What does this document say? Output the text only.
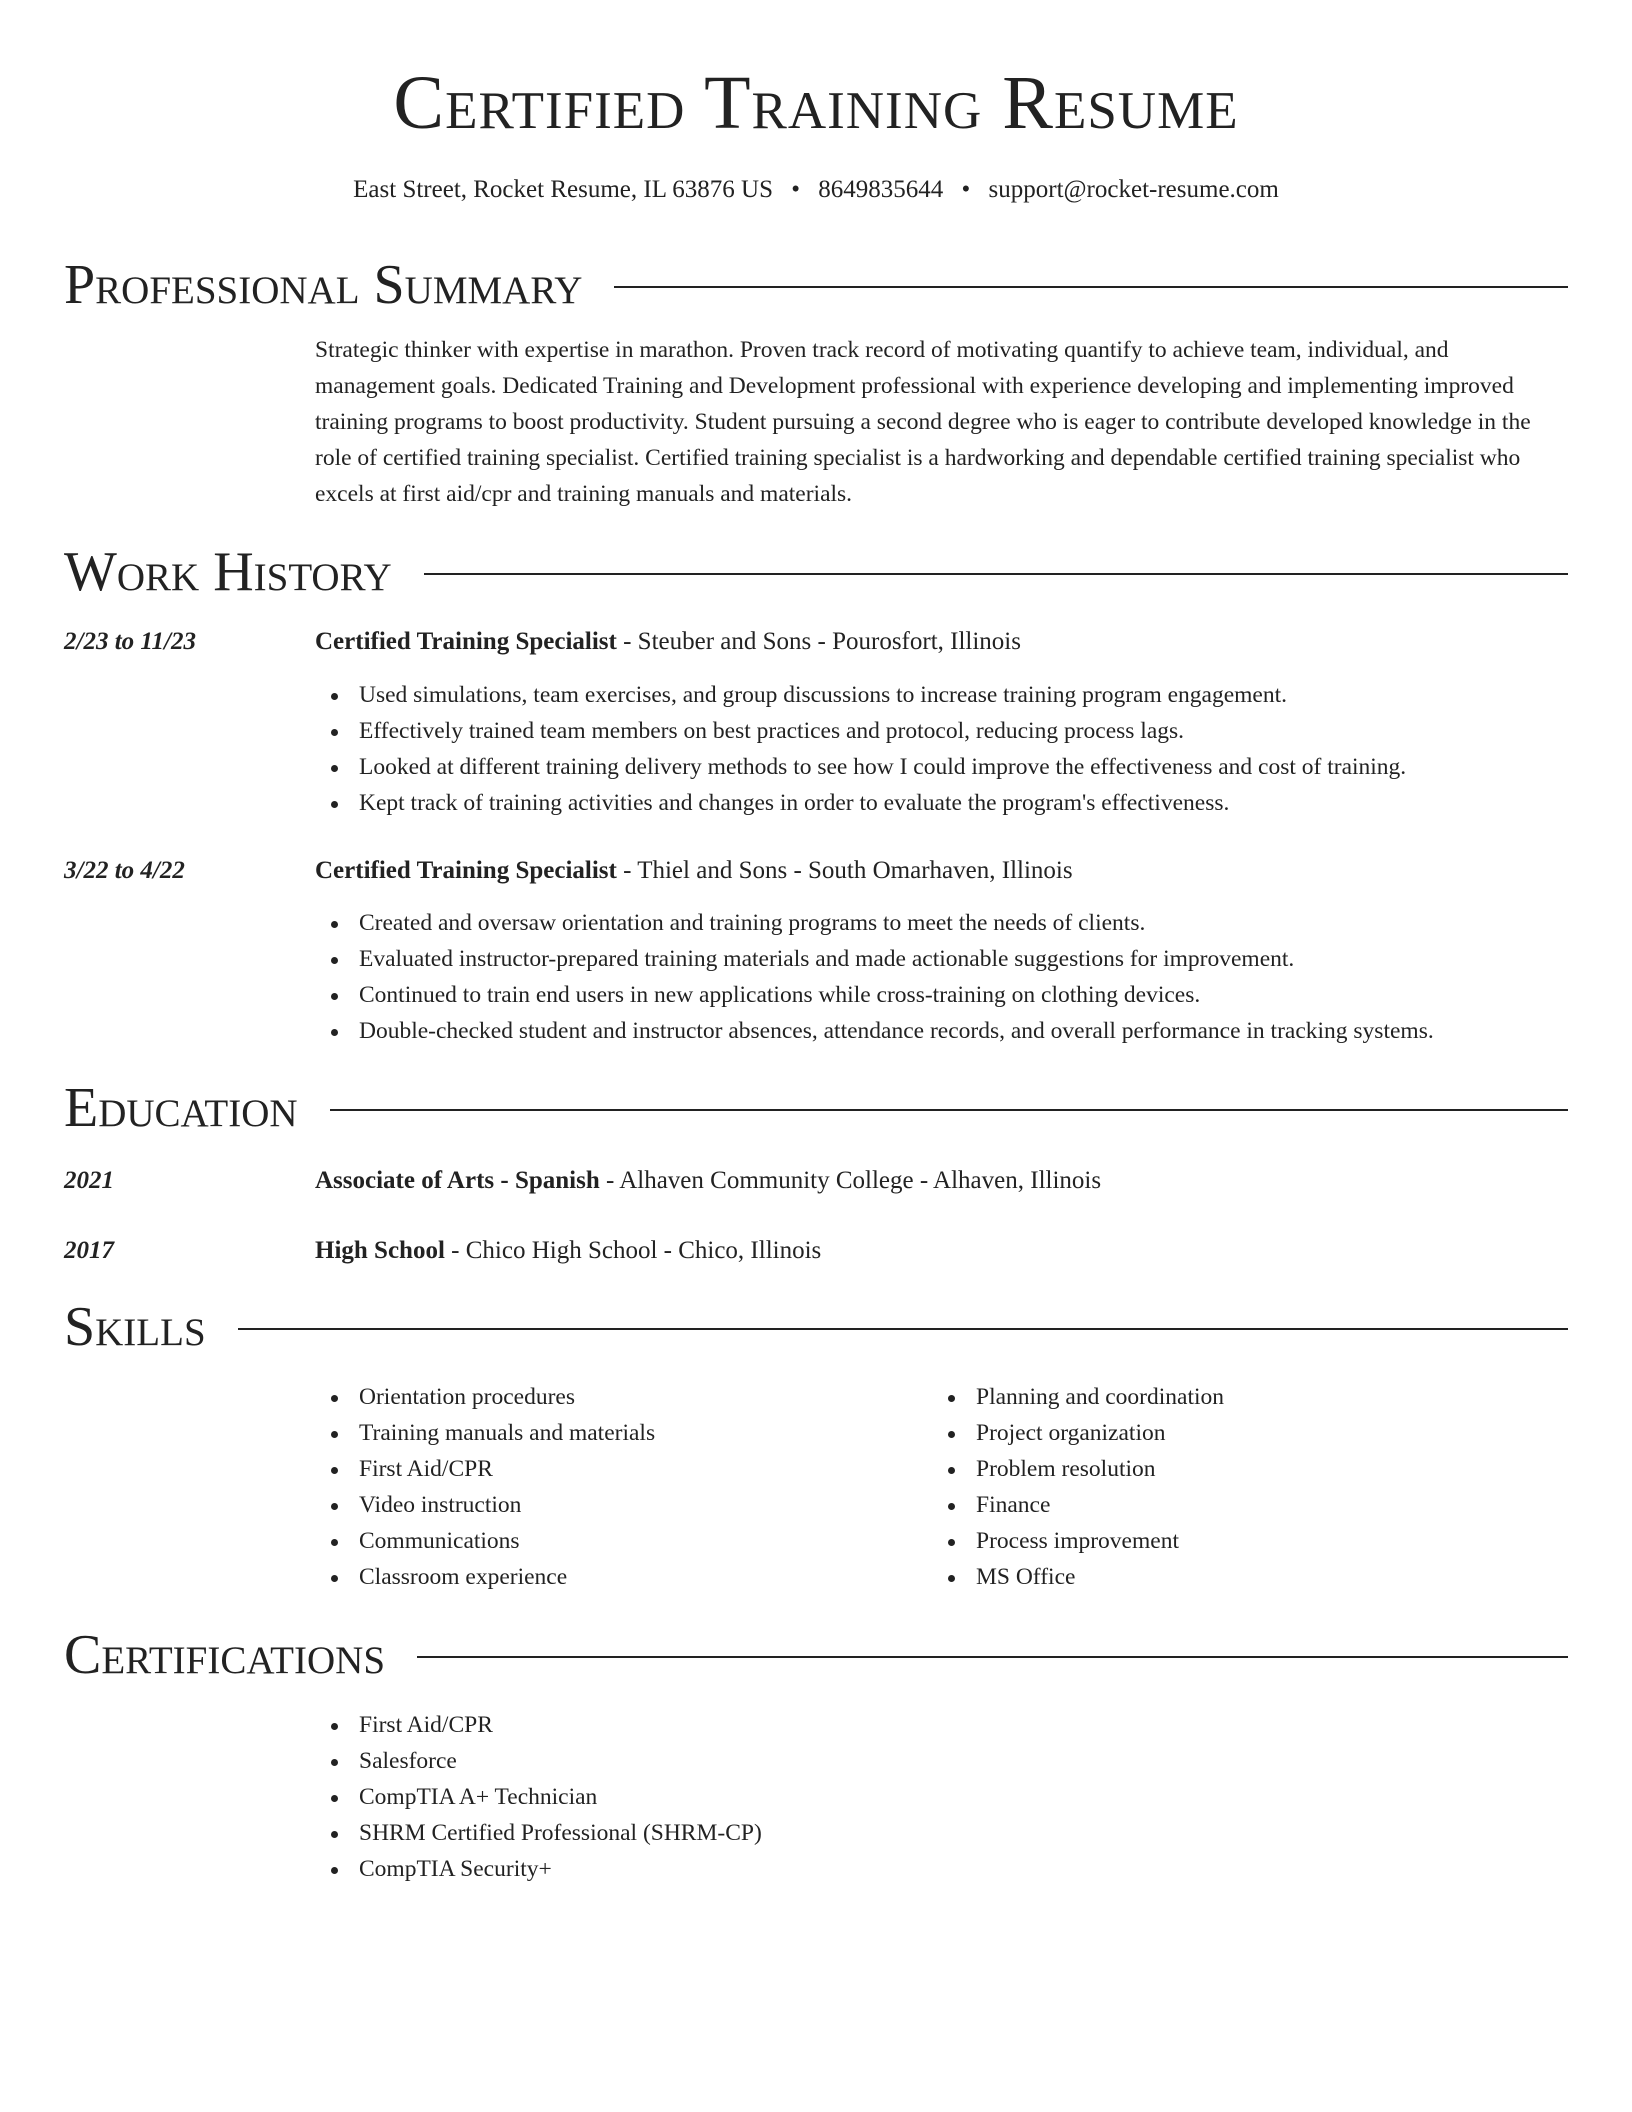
Certified Training Resume
East Street, Rocket Resume, IL 63876 US • 8649835644 • support@rocket-resume.com
Professional Summary

Strategic thinker with expertise in marathon. Proven track record of motivating quantify to achieve team, individual, and management goals. Dedicated Training and Development professional with experience developing and implementing improved training programs to boost productivity. Student pursuing a second degree who is eager to contribute developed knowledge in the role of certified training specialist. Certified training specialist is a hardworking and dependable certified training specialist who excels at first aid/cpr and training manuals and materials.

Work History
2/23 to 11/23	Certified Training Specialist - Steuber and Sons - Pourosfort, Illinois
Used simulations, team exercises, and group discussions to increase training program engagement.
Effectively trained team members on best practices and protocol, reducing process lags.
Looked at different training delivery methods to see how I could improve the effectiveness and cost of training.
Kept track of training activities and changes in order to evaluate the program's effectiveness.
3/22 to 4/22	Certified Training Specialist - Thiel and Sons - South Omarhaven, Illinois
Created and oversaw orientation and training programs to meet the needs of clients.
Evaluated instructor-prepared training materials and made actionable suggestions for improvement.
Continued to train end users in new applications while cross-training on clothing devices.
Double-checked student and instructor absences, attendance records, and overall performance in tracking systems.
Education
2021	Associate of Arts - Spanish - Alhaven Community College - Alhaven, Illinois
2017	High School - Chico High School - Chico, Illinois
Skills
Orientation procedures
Training manuals and materials
First Aid/CPR
Video instruction
Communications
Classroom experience
Planning and coordination
Project organization
Problem resolution
Finance
Process improvement
MS Office
Certifications
First Aid/CPR
Salesforce
CompTIA A+ Technician
SHRM Certified Professional (SHRM-CP)
CompTIA Security+
